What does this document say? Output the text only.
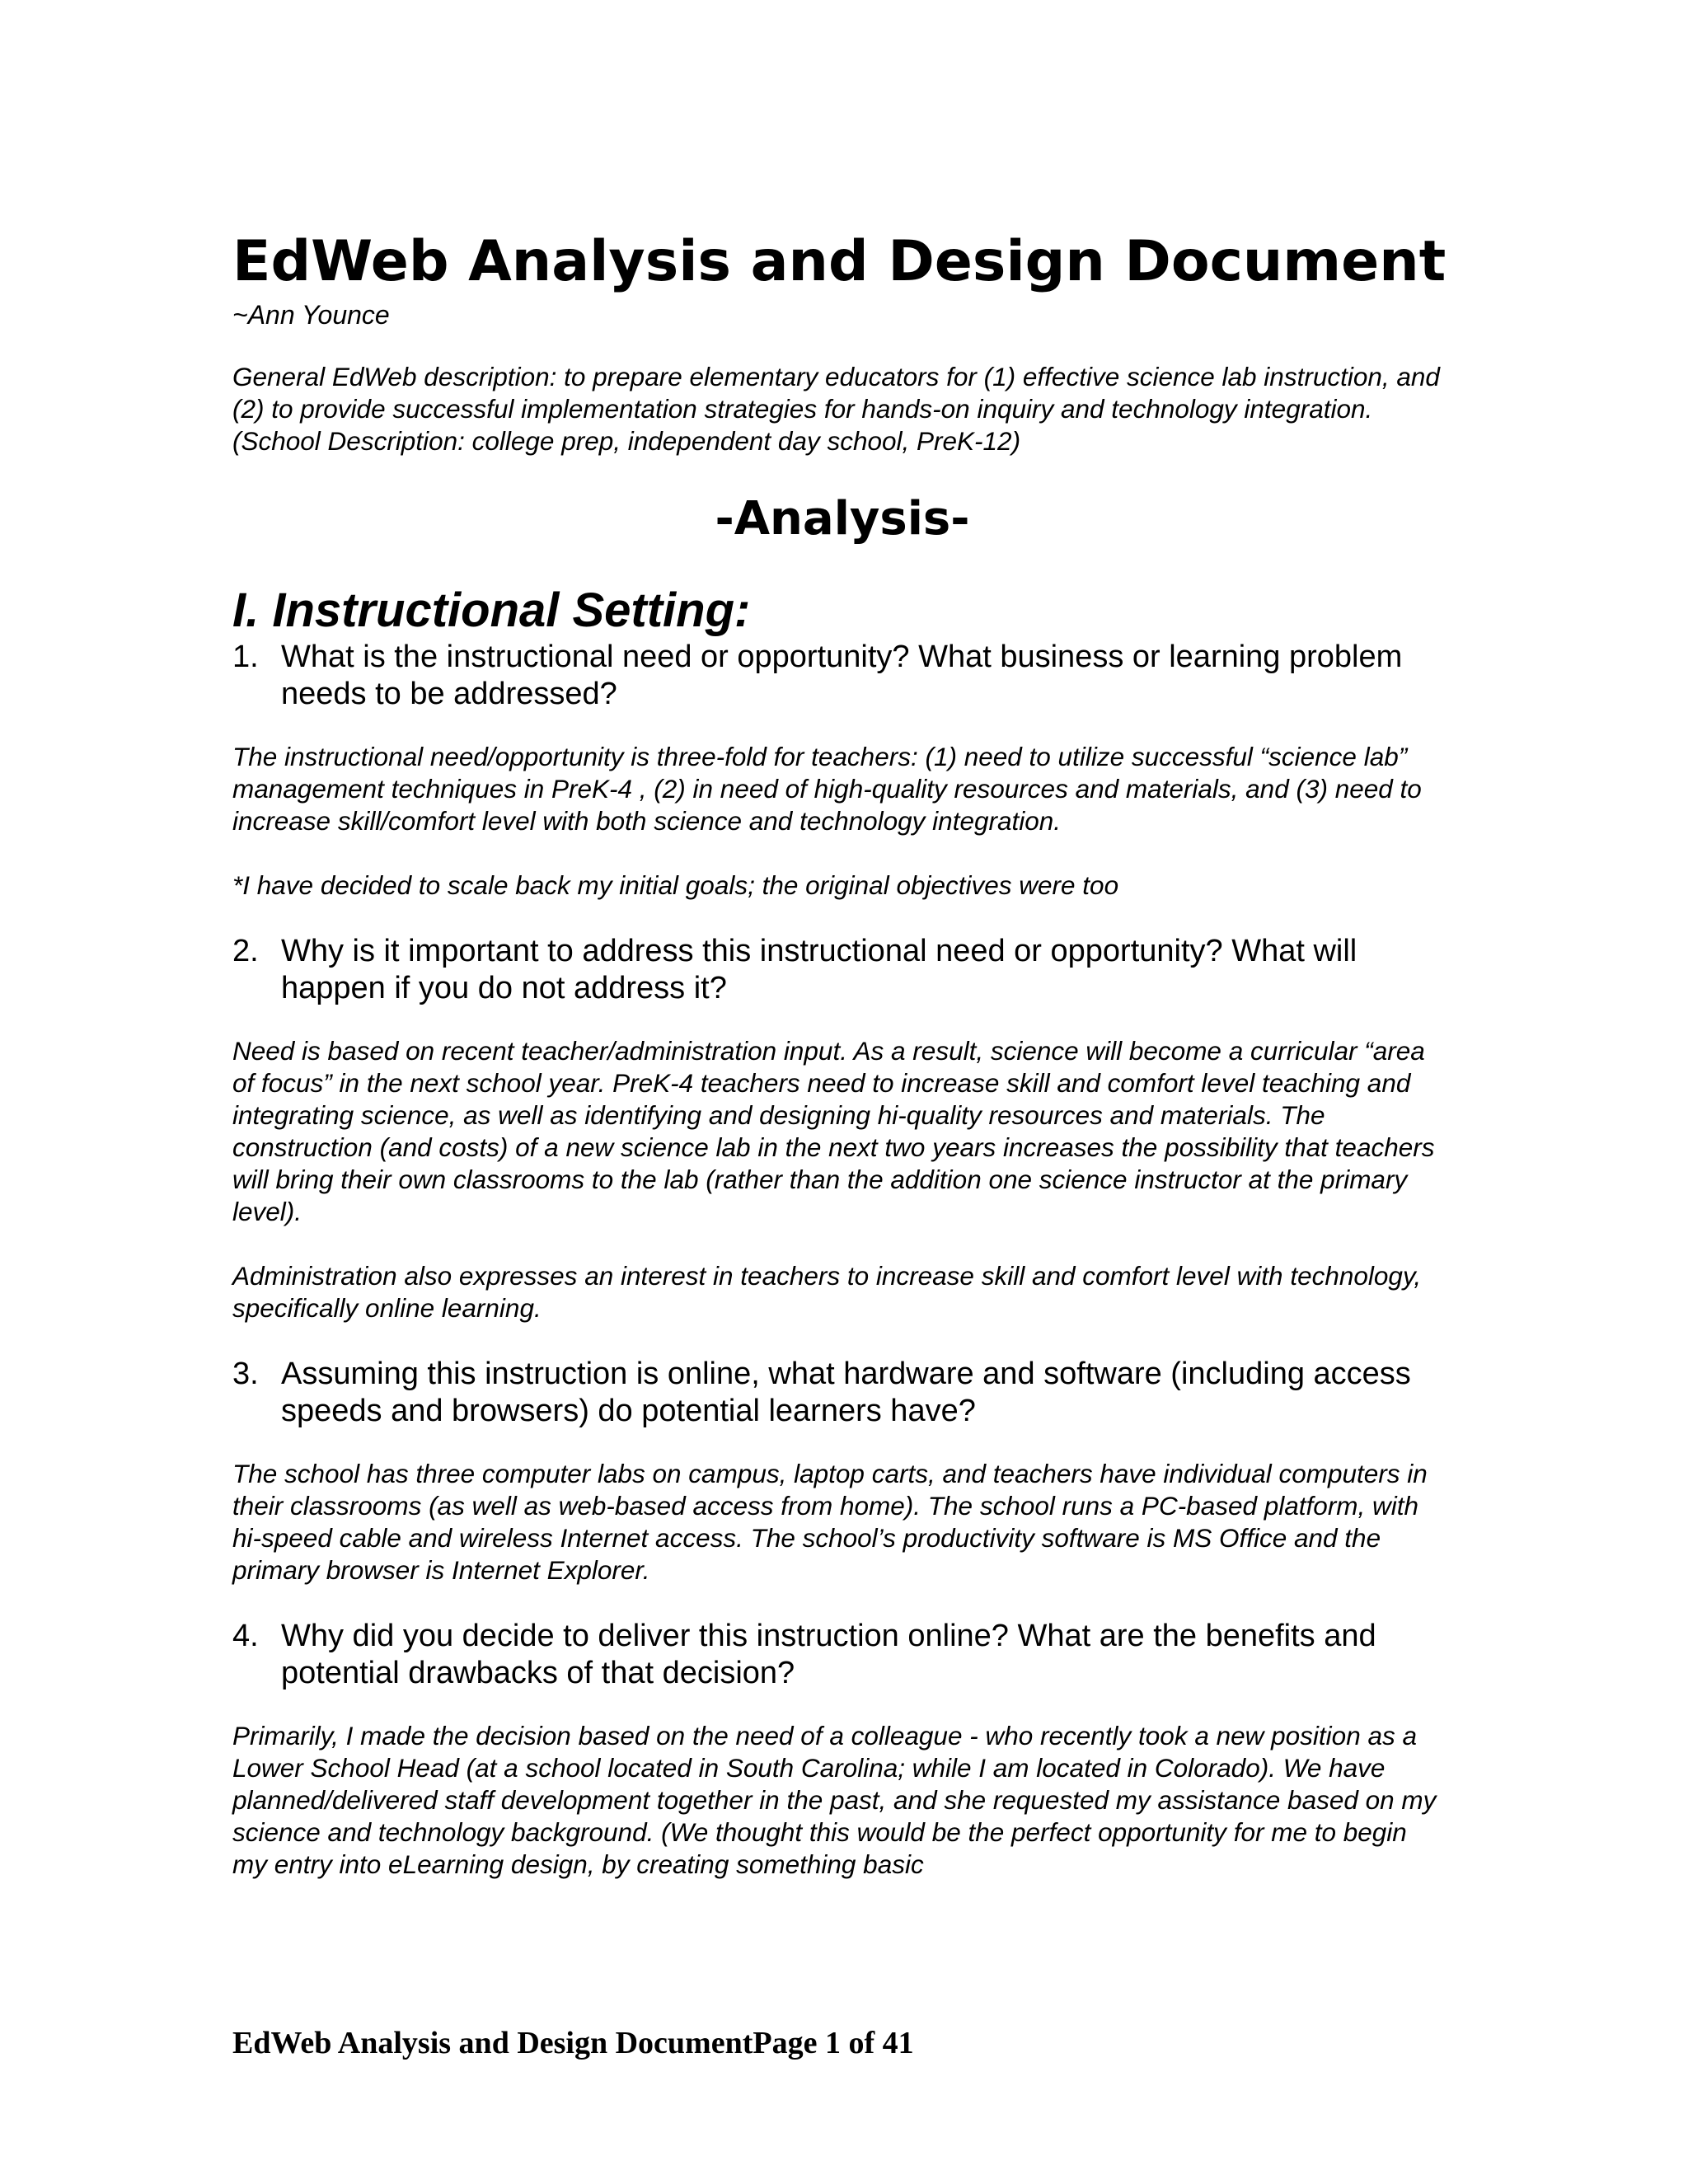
EdWeb Analysis and Design Document

~Ann Younce

General EdWeb description: to prepare elementary educators for (1) effective science lab instruction, and (2) to provide successful implementation strategies for hands-on inquiry and technology integration. (School Description: college prep, independent day school, PreK-12)

-Analysis-
I. Instructional Setting:
1. What is the instructional need or opportunity? What business or learning problem needs to be addressed?

The instructional need/opportunity is three-fold for teachers: (1) need to utilize successful “science lab” management techniques in PreK-4 , (2) in need of high-quality resources and materials, and (3) need to increase skill/comfort level with both science and technology integration.

*I have decided to scale back my initial goals; the original objectives were too

2. Why is it important to address this instructional need or opportunity? What will happen if you do not address it?

Need is based on recent teacher/administration input. As a result, science will become a curricular “area of focus” in the next school year. PreK-4 teachers need to increase skill and comfort level teaching and integrating science, as well as identifying and designing hi-quality resources and materials. The construction (and costs) of a new science lab in the next two years increases the possibility that teachers will bring their own classrooms to the lab (rather than the addition one science instructor at the primary level).

Administration also expresses an interest in teachers to increase skill and comfort level with technology, specifically online learning.

3. Assuming this instruction is online, what hardware and software (including access speeds and browsers) do potential learners have?

The school has three computer labs on campus, laptop carts, and teachers have individual computers in their classrooms (as well as web-based access from home). The school runs a PC-based platform, with hi-speed cable and wireless Internet access. The school’s productivity software is MS Office and the primary browser is Internet Explorer.

4. Why did you decide to deliver this instruction online? What are the benefits and potential drawbacks of that decision?

Primarily, I made the decision based on the need of a colleague - who recently took a new position as a Lower School Head (at a school located in South Carolina; while I am located in Colorado). We have planned/delivered staff development together in the past, and she requested my assistance based on my science and technology background. (We thought this would be the perfect opportunity for me to begin my entry into eLearning design, by creating something basic

EdWeb Analysis and Design DocumentPage 1 of 41
